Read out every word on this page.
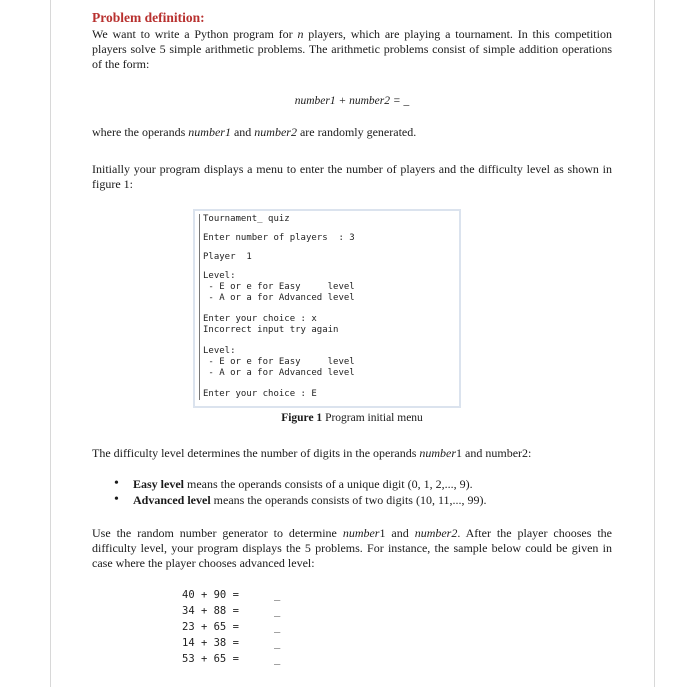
Problem definition:

We want to write a Python program for n players, which are playing a tournament. In this competition players solve 5 simple arithmetic problems. The arithmetic problems consist of simple addition operations of the form:

number1 + number2 = _

where the operands number1 and number2 are randomly generated.

Initially your program displays a menu to enter the number of players and the difficulty level as shown in figure 1:

Tournament_ quiz
Enter number of players  : 3
Player  1
Level:
- E or e for Easy     level
- A or a for Advanced level
Enter your choice : x
Incorrect input try again
Level:
- E or e for Easy     level
- A or a for Advanced level
Enter your choice : E
Figure 1 Program initial menu

The difficulty level determines the number of digits in the operands number1 and number2:

• Easy level means the operands consists of a unique digit (0, 1, 2,..., 9).
• Advanced level means the operands consists of two digits (10, 11,..., 99).

Use the random number generator to determine number1 and number2. After the player chooses the difficulty level, your program displays the 5 problems. For instance, the sample below could be given in case where the player chooses advanced level:

40 + 90 =	_
34 + 88 =	_
23 + 65 =	_
14 + 38 =	_
53 + 65 =	_
